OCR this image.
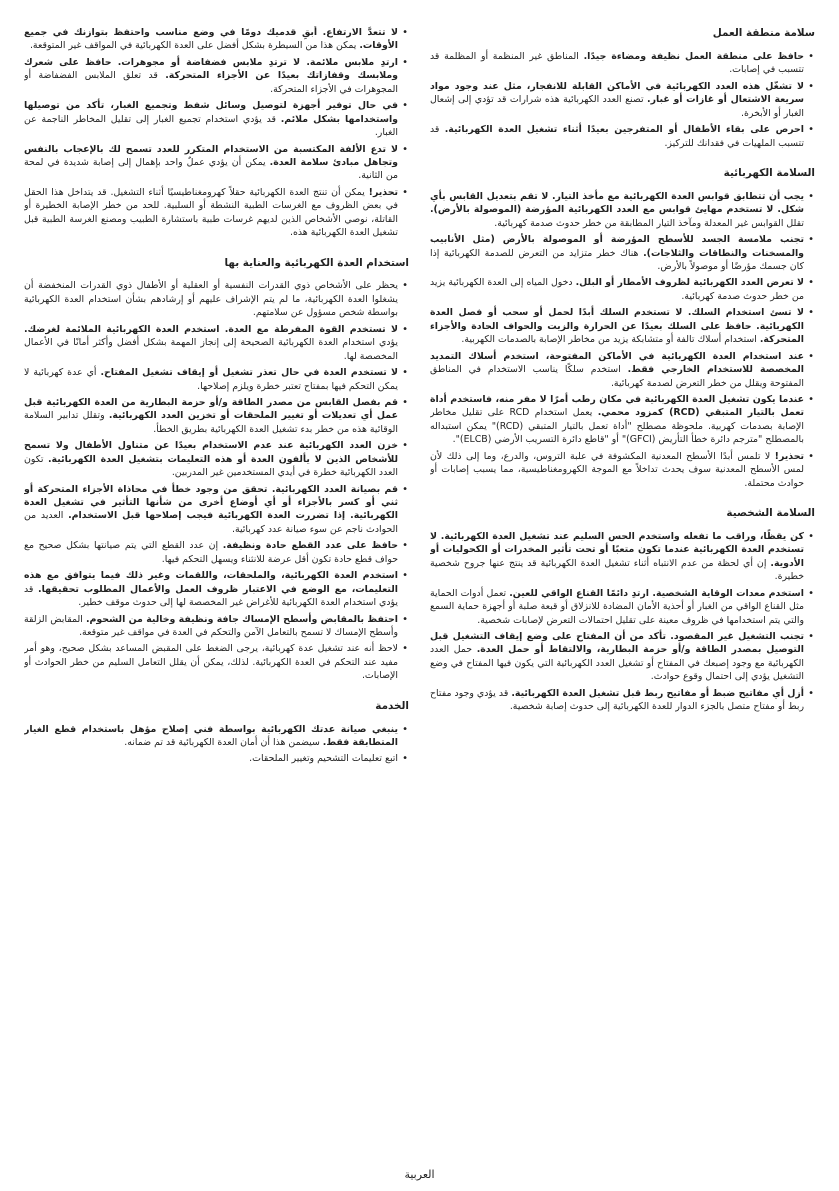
سلامة منطقة العمل
• حافظ على منطقة العمل نظيفة ومضاءة جيدًا. المناطق غير المنظمة أو المظلمة قد تتسبب في إصابات.
• لا تشغّل هذه العدد الكهربائية في الأماكن القابلة للانفجار، مثل عند وجود مواد سريعة الاشتعال أو غازات أو غبار. تصنع العدد الكهربائية هذه شرارات قد تؤدي إلى إشعال الغبار أو الأبخرة.
• احرص على بقاء الأطفال أو المتفرجين بعيدًا أثناء تشغيل العدة الكهربائية. قد تتسبب الملهيات في فقدانك للتركيز.
السلامة الكهربائية
• يجب أن تتطابق قوابس العدة الكهربائية مع مأخذ التيار. لا تقم بتعديل القابس بأي شكل. لا تستخدم مهايئ قوابس مع العدد الكهربائية المؤرضة (الموصولة بالأرض). تقلل القوابس غير المعدلة ومآخذ التيار المطابقة من خطر حدوث صدمة كهربائية.
• تجنب ملامسة الجسد للأسطح المؤرضة أو الموصولة بالأرض (مثل الأنابيب والمسخنات والنطاقات والثلاجات). هناك خطر متزايد من التعرض للصدمة الكهربائية إذا كان جسمك مؤرضًا أو موصولاً بالأرض.
• لا تعرض العدد الكهربائية لظروف الأمطار أو البلل. دخول المياه إلى العدة الكهربائية يزيد من خطر حدوث صدمة كهربائية.
• لا تسئ استخدام السلك. لا تستخدم السلك أبدًا لحمل أو سحب أو فصل العدة الكهربائية. حافظ على السلك بعيدًا عن الحرارة والزيت والحواف الحادة والأجزاء المتحركة. استخدام أسلاك تالفة أو متشابكة يزيد من مخاطر الإصابة بالصدمات الكهربية.
• عند استخدام العدة الكهربائية في الأماكن المفتوحة، استخدم أسلاك التمديد المخصصة للاستخدام الخارجي فقط. استخدم سلكًا يناسب الاستخدام في المناطق المفتوحة ويقلل من خطر التعرض لصدمة كهربائية.
• عندما يكون تشغيل العدة الكهربائية في مكان رطب أمرًا لا مفر منه، فاستخدم أداة تعمل بالتيار المتبقي (RCD) كمزود محمي. يعمل استخدام RCD على تقليل مخاطر الإصابة بصدمات كهربية. ملحوظة مصطلح "أداة تعمل بالتيار المتبقي (RCD)" يمكن استبداله بالمصطلح "مترجم دائرة خطأ التأريض (GFCI)" أو "قاطع دائرة التسريب الأرضي (ELCB)".
• تحذير! لا تلمس أبدًا الأسطح المعدنية المكشوفة في علبة التروس، والدرع، وما إلى ذلك لأن لمس الأسطح المعدنية سوف يحدث تداخلاً مع الموجة الكهرومغناطيسية، مما يسبب إصابات أو حوادث محتملة.
السلامة الشخصية
• كن يقظًا، وراقب ما تفعله واستخدم الحس السليم عند تشغيل العدة الكهربائية. لا تستخدم العدة الكهربائية عندما تكون متعبًا أو تحت تأثير المخدرات أو الكحوليات أو الأدوية. إن أي لحظة من عدم الانتباه أثناء تشغيل العدة الكهربائية قد ينتج عنها جروح شخصية خطيرة.
• استخدم معدات الوقاية الشخصية. ارتدِ دائمًا القناع الواقي للعين. تعمل أدوات الحماية مثل القناع الواقي من الغبار أو أحذية الأمان المضادة للانزلاق أو قبعة صلبة أو أجهزة حماية السمع والتي يتم استخدامها في ظروف معينة على تقليل احتمالات التعرض لإصابات شخصية.
• تجنب التشغيل غير المقصود. تأكد من أن المفتاح على وضع إيقاف التشغيل قبل التوصيل بمصدر الطاقة و/أو حزمة البطارية، والالتقاط أو حمل العدة. حمل العدد الكهربائية مع وجود إصبعك في المفتاح أو تشغيل العدد الكهربائية التي يكون فيها المفتاح في وضع التشغيل يؤدي إلى احتمال وقوع حوادث.
• أزل أي مفاتيح ضبط أو مفاتيح ربط قبل تشغيل العدة الكهربائية. قد يؤدي وجود مفتاح ربط أو مفتاح متصل بالجزء الدوار للعدة الكهربائية إلى حدوث إصابة شخصية.
• لا تتعدَّ الارتفاع. أبقِ قدميك دومًا في وضع مناسب واحتفظ بتوازنك في جميع الأوقات. يمكن هذا من السيطرة بشكل أفضل على العدة الكهربائية في المواقف غير المتوقعة.
• ارتدِ ملابس ملائمة. لا ترتدِ ملابس فضفاضة أو مجوهرات. حافظ على شعرك وملابسك وقفازاتك بعيدًا عن الأجزاء المتحركة. قد تعلق الملابس الفضفاضة أو المجوهرات في الأجزاء المتحركة.
• في حال توفير أجهزة لتوصيل وسائل شفط وتجميع الغبار، تأكد من توصيلها واستخدامها بشكل ملائم. قد يؤدي استخدام تجميع الغبار إلى تقليل المخاطر الناجمة عن الغبار.
• لا تدع الألفة المكتسبة من الاستخدام المتكرر للعدد تسمح لك بالإعجاب بالنفس وتجاهل مبادئ سلامة العدة. يمكن أن يؤدي عملٌ واحد بإهمال إلى إصابة شديدة في لمحة من الثانية.
• تحذير! يمكن أن تنتج العدة الكهربائية حقلاً كهرومغناطيسيًا أثناء التشغيل. قد يتداخل هذا الحقل في بعض الظروف مع الغرسات الطبية النشطة أو السلبية. للحد من خطر الإصابة الخطيرة أو القاتلة، نوصي الأشخاص الذين لديهم غرسات طبية باستشارة الطبيب ومصنع الغرسة الطبية قبل تشغيل العدة الكهربائية هذه.
استخدام العدة الكهربائية والعناية بها
• يحظر على الأشخاص ذوي القدرات النفسية أو العقلية أو الأطفال ذوي القدرات المنخفضة أن يشغلوا العدة الكهربائية، ما لم يتم الإشراف عليهم أو إرشادهم بشأن استخدام العدة الكهربائية بواسطة شخص مسؤول عن سلامتهم.
• لا تستخدم القوة المفرطة مع العدة. استخدم العدة الكهربائية الملائمة لغرضك. يؤدي استخدام العدة الكهربائية الصحيحة إلى إنجاز المهمة بشكل أفضل وأكثر أمانًا في الأعمال المخصصة لها.
• لا تستخدم العدة في حال تعذر تشغيل أو إيقاف تشغيل المفتاح. أي عدة كهربائية لا يمكن التحكم فيها بمفتاح تعتبر خطرة ويلزم إصلاحها.
• قم بفصل القابس من مصدر الطاقة و/أو حزمة البطارية من العدة الكهربائية قبل عمل أي تعديلات أو تغيير الملحقات أو تخزين العدد الكهربائية. وتقلل تدابير السلامة الوقائية هذه من خطر بدء تشغيل العدة الكهربائية بطريق الخطأ.
• خزن العدد الكهربائية عند عدم الاستخدام بعيدًا عن متناول الأطفال ولا تسمح للأشخاص الذين لا يألفون العدة أو هذه التعليمات بتشغيل العدة الكهربائية. تكون العدد الكهربائية خطرة في أيدي المستخدمين غير المدربين.
• قم بصيانة العدد الكهربائية. تحقق من وجود خطأ في محاذاة الأجزاء المتحركة أو ثني أو كسر بالأجزاء أو أي أوضاع أخرى من شأنها التأثير في تشغيل العدة الكهربائية. إذا تضررت العدة الكهربائية فيجب إصلاحها قبل الاستخدام. العديد من الحوادث ناجم عن سوء صيانة عدد كهربائية.
• حافظ على عدد القطع حادة ونظيفة. إن عدد القطع التي يتم صيانتها بشكل صحيح مع حواف قطع حادة تكون أقل عرضة للانثناء ويسهل التحكم فيها.
• استخدم العدة الكهربائية، والملحقات، واللقمات وغير ذلك فيما يتوافق مع هذه التعليمات، مع الوضع في الاعتبار ظروف العمل والأعمال المطلوب تحقيقها. قد يؤدي استخدام العدة الكهربائية للأغراض غير المخصصة لها إلى حدوث موقف خطير.
• احتفظ بالمقابض وأسطح الإمساك جافة ونظيفة وخالية من الشحوم. المقابض الزلقة وأسطح الإمساك لا تسمح بالتعامل الآمن والتحكم في العدة في مواقف غير متوقعة.
• لاحظ أنه عند تشغيل عدة كهربائية، يرجى الضغط على المقبض المساعد بشكل صحيح، وهو أمر مفيد عند التحكم في العدة الكهربائية. لذلك، يمكن أن يقلل التعامل السليم من خطر الحوادث أو الإصابات.
الخدمة
• ينبغي صيانة عدتك الكهربائية بواسطة فني إصلاح مؤهل باستخدام قطع الغيار المتطابقة فقط. سيضمن هذا أن أمان العدة الكهربائية قد تم ضمانه.
• اتبع تعليمات التشحيم وتغيير الملحقات.
العربية
